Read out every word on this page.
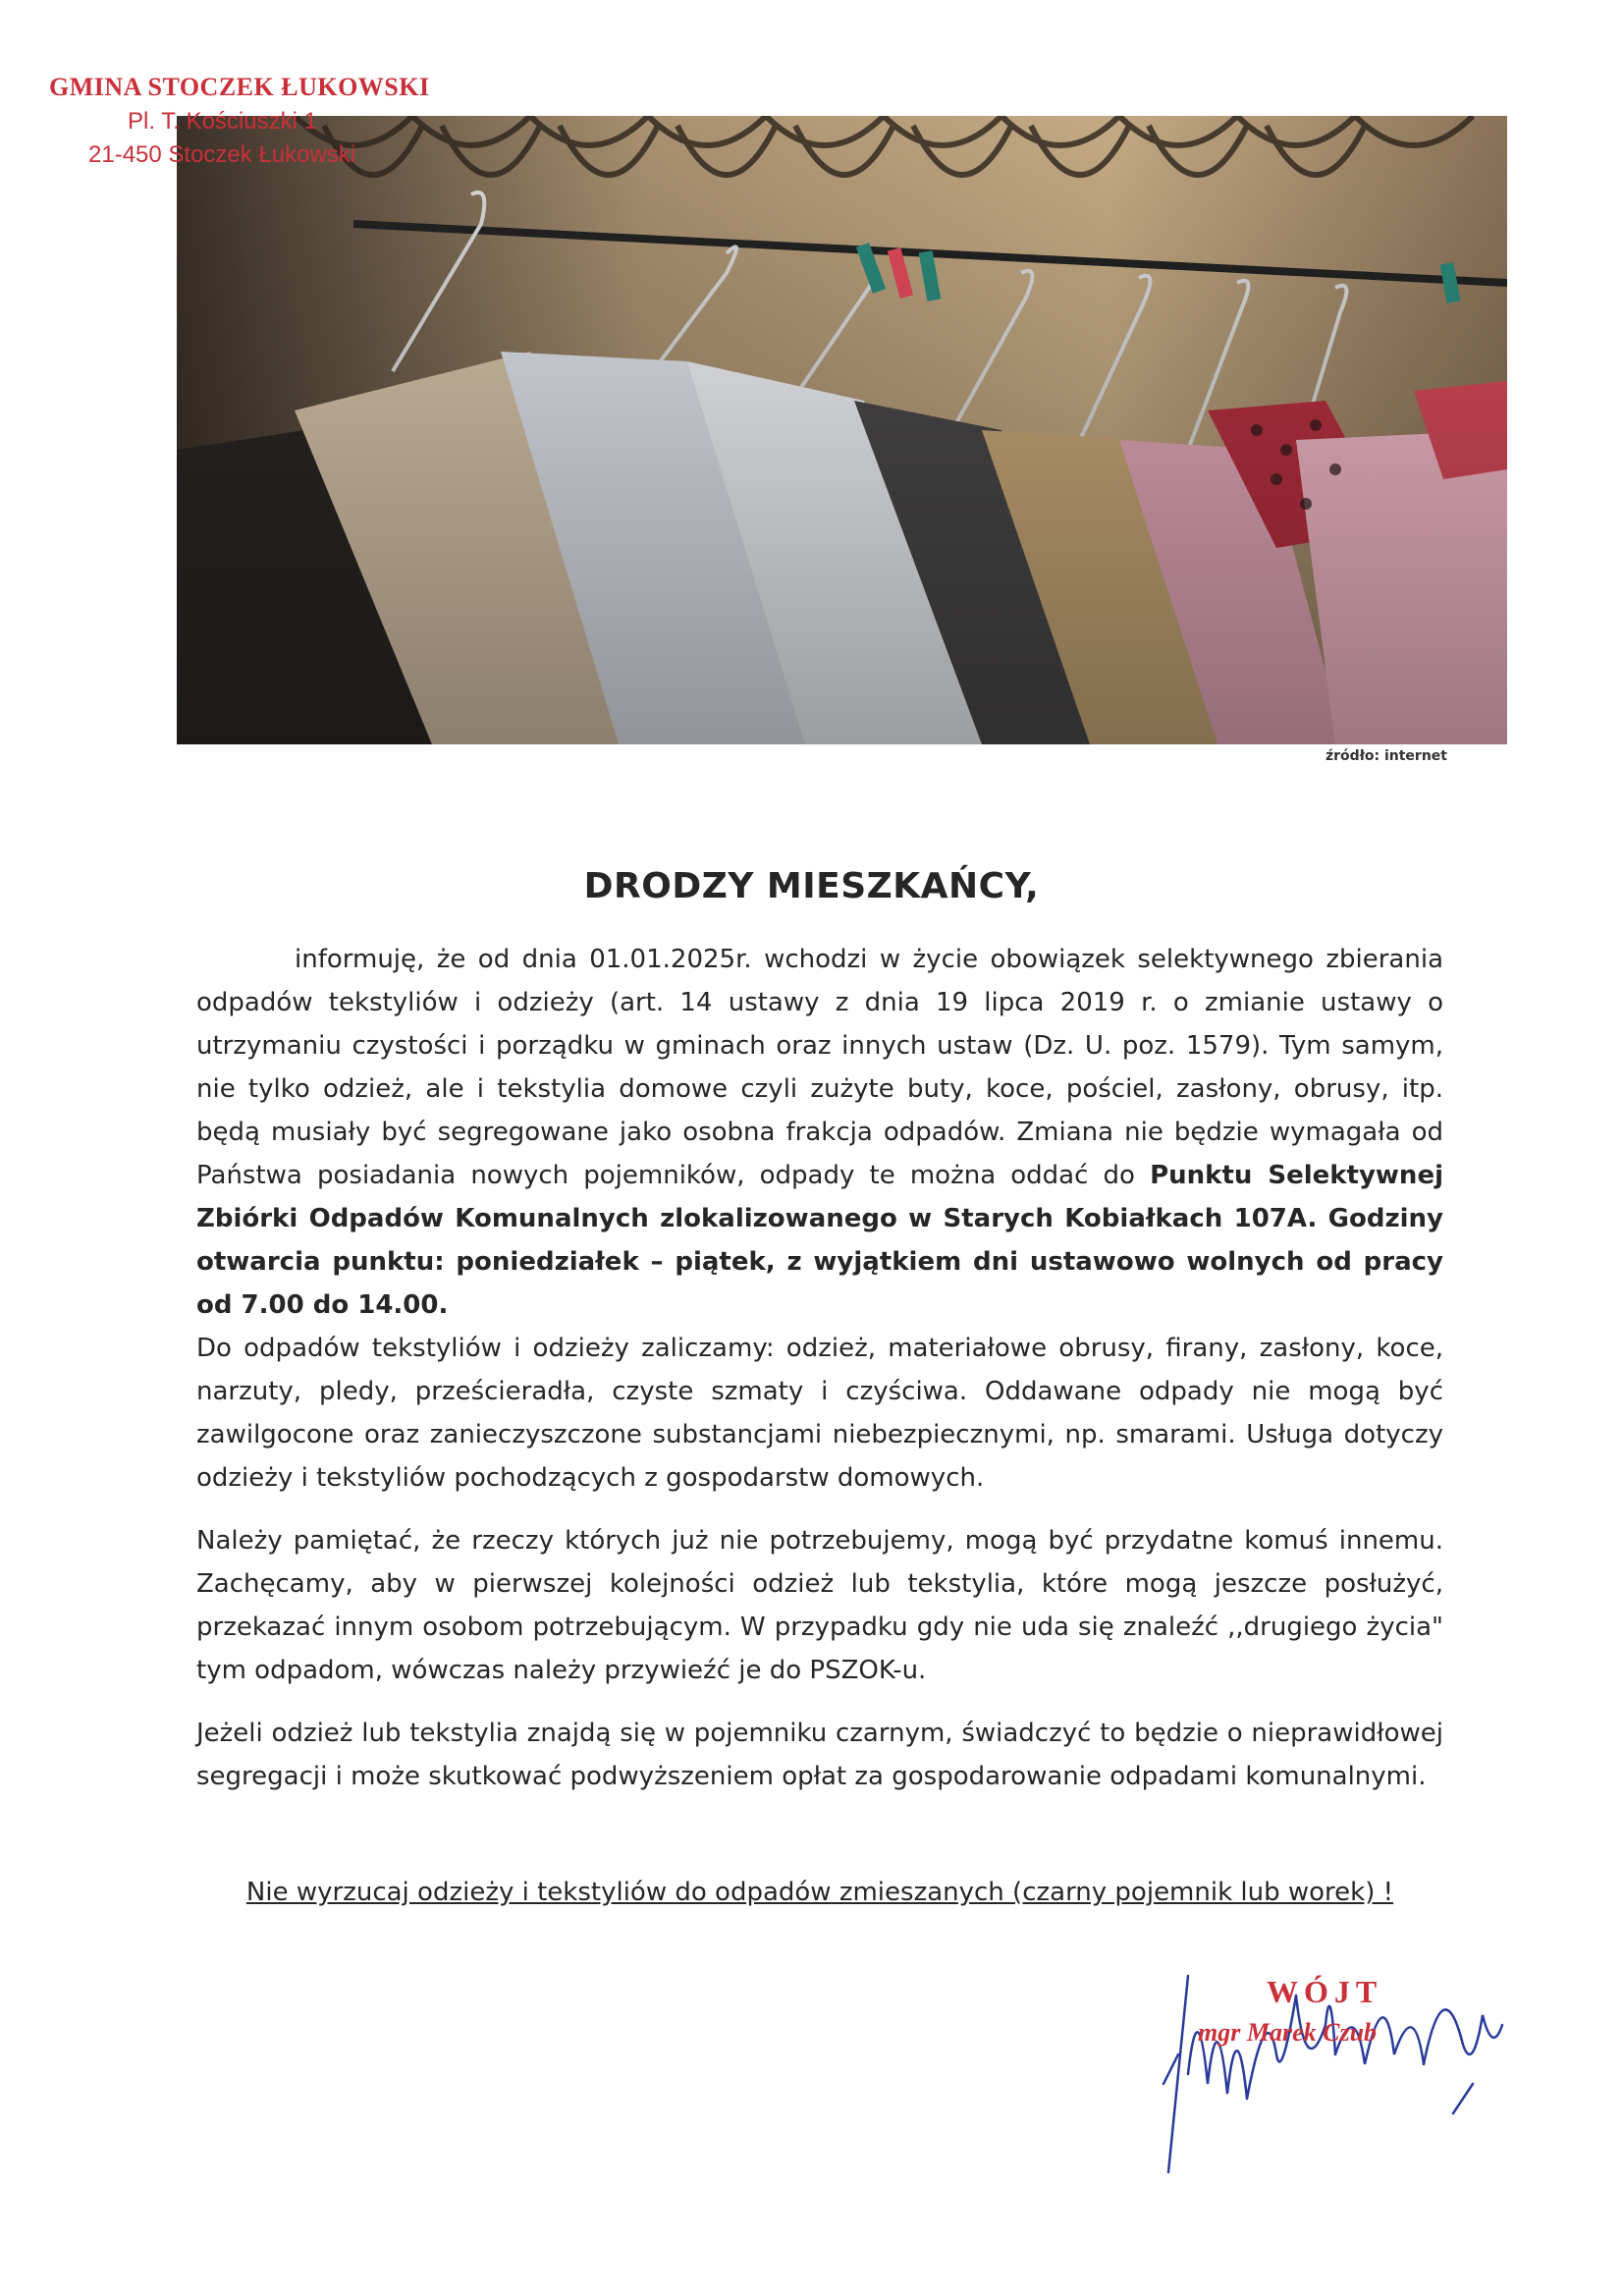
GMINA STOCZEK ŁUKOWSKI
Pl. T. Kościuszki 1
21-450 Stoczek Łukowski
źródło: internet
DRODZY MIESZKAŃCY,

informuję, że od dnia 01.01.2025r. wchodzi w życie obowiązek selektywnego zbierania odpadów tekstyliów i odzieży (art. 14 ustawy z dnia 19 lipca 2019 r. o zmianie ustawy o utrzymaniu czystości i porządku w gminach oraz innych ustaw (Dz. U. poz. 1579). Tym samym, nie tylko odzież, ale i tekstylia domowe czyli zużyte buty, koce, pościel, zasłony, obrusy, itp. będą musiały być segregowane jako osobna frakcja odpadów. Zmiana nie będzie wymagała od Państwa posiadania nowych pojemników, odpady te można oddać do Punktu Selektywnej Zbiórki Odpadów Komunalnych zlokalizowanego w Starych Kobiałkach 107A. Godziny otwarcia punktu: poniedziałek – piątek, z wyjątkiem dni ustawowo wolnych od pracy od 7.00 do 14.00.

Do odpadów tekstyliów i odzieży zaliczamy: odzież, materiałowe obrusy, firany, zasłony, koce, narzuty, pledy, prześcieradła, czyste szmaty i czyściwa. Oddawane odpady nie mogą być zawilgocone oraz zanieczyszczone substancjami niebezpiecznymi, np. smarami. Usługa dotyczy odzieży i tekstyliów pochodzących z gospodarstw domowych.

Należy pamiętać, że rzeczy których już nie potrzebujemy, mogą być przydatne komuś innemu. Zachęcamy, aby w pierwszej kolejności odzież lub tekstylia, które mogą jeszcze posłużyć, przekazać innym osobom potrzebującym. W przypadku gdy nie uda się znaleźć ,,drugiego życia" tym odpadom, wówczas należy przywieźć je do PSZOK-u.

Jeżeli odzież lub tekstylia znajdą się w pojemniku czarnym, świadczyć to będzie o nieprawidłowej segregacji i może skutkować podwyższeniem opłat za gospodarowanie odpadami komunalnymi.

Nie wyrzucaj odzieży i tekstyliów do odpadów zmieszanych (czarny pojemnik lub worek) !
WÓJT
mgr Marek Czub
